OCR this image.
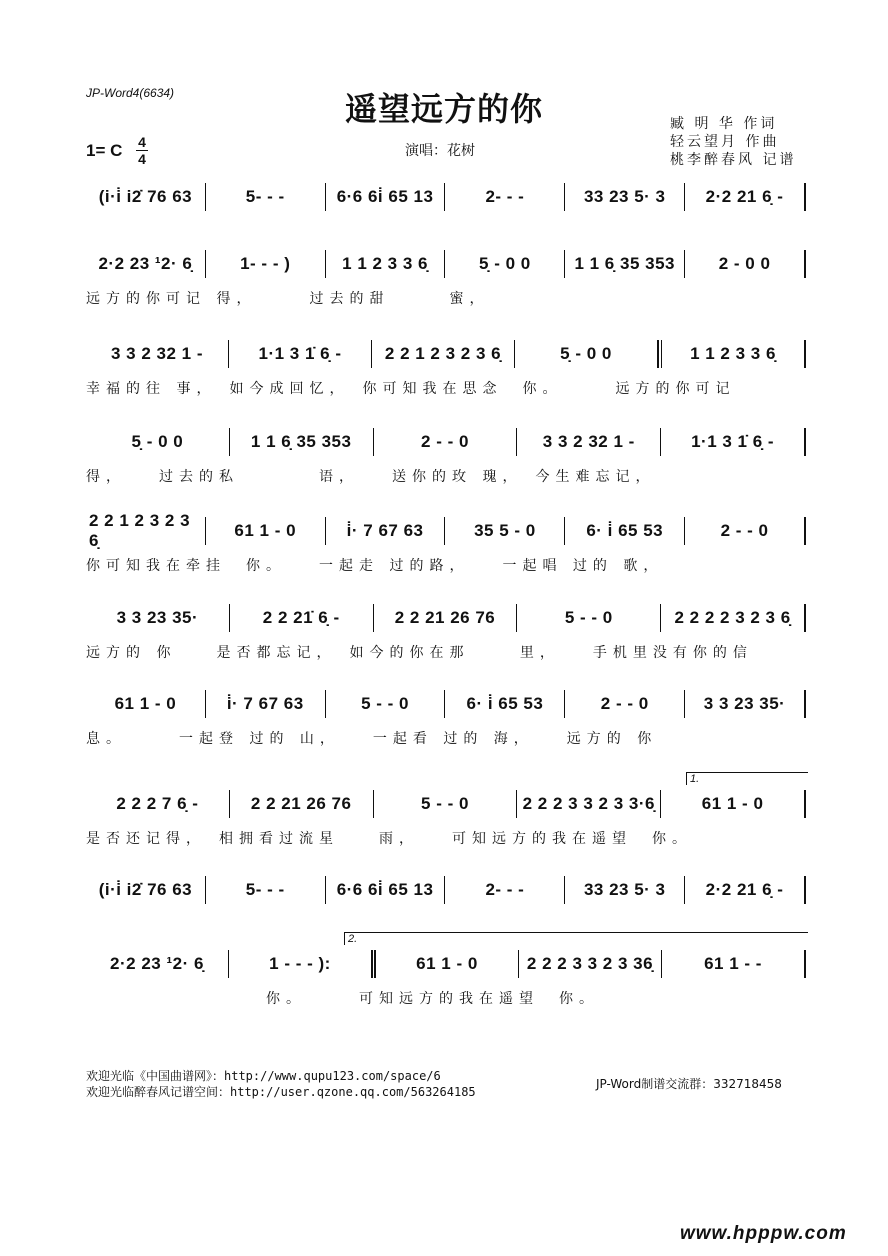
JP-Word4(6634)	遥望远方的你	臧 明 华 作词
轻云望月 作曲
桃李醉春风 记谱
1= C 4
4	演唱：花树
(i·i̇ i2̇ 76 63	5- - -	6·6 6i̇ 65 13	2- - -	33 23 5· 3	2·2 21 6̣ -
2·2 23 ¹2· 6̣	1- - - )	1 1 2 3 3 6̣	5̣ - 0 0	1 1 6̣ 35 353	2 - 0 0
远方的你可记 得，　　　过去的甜　　　蜜，
3 3 2 32 1 -	1·1 3 1̇ 6̣ -	2 2 1 2 3 2 3 6̣	5̣ - 0 0	1 1 2 3 3 6̣
幸福的往 事，　如今成回忆，　你可知我在思念　你。　　　远方的你可记
5̣ - 0 0	1 1 6̣ 35 353	2 - - 0	3 3 2 32 1 -	1·1 3 1̇ 6̣ -
得，　　过去的私　　　　语，　　送你的玫 瑰，　今生难忘记，
2 2 1 2 3 2 3 6̣
61 1 - 0	i̇· 7 67 63	35 5 - 0	6· i̇ 65 53	2 - - 0
你可知我在牵挂　你。　　一起走 过的路，　　一起唱 过的 歌，
3 3 23 35·	2 2 21̇ 6̣ -	2 2 21 26 76	5 - - 0	2 2 2 2 3 2 3 6̣
远方的 你　　是否都忘记，　如今的你在那　　 里，　　手机里没有你的信
61 1 - 0	i̇· 7 67 63	5 - - 0	6· i̇ 65 53	2 - - 0	3 3 23 35·
息。　　　一起登 过的 山，　　一起看 过的 海，　　远方的 你
2 2 2 7 6̣ -	2 2 21 26 76	5 - - 0	2 2 2 3 3 2 3 3·6̣	61 1 - 0
1.
是否还记得，　相拥看过流星　　雨，　　可知远方的我在遥望　你。
(i·i̇ i2̇ 76 63	5- - -	6·6 6i̇ 65 13	2- - -	33 23 5· 3	2·2 21 6̣ -
2·2 23 ¹2· 6̣	1 - - - ):	61 1 - 0	2 2 2 3 3 2 3 36̣	61 1 - -
2.
　　　　　　　　　你。　　　可知远方的我在遥望　你。
欢迎光临《中国曲谱网》：http://www.qupu123.com/space/6
欢迎光临醉春风记谱空间：http://user.qzone.qq.com/563264185
JP-Word制谱交流群：332718458
www.hpppw.com
